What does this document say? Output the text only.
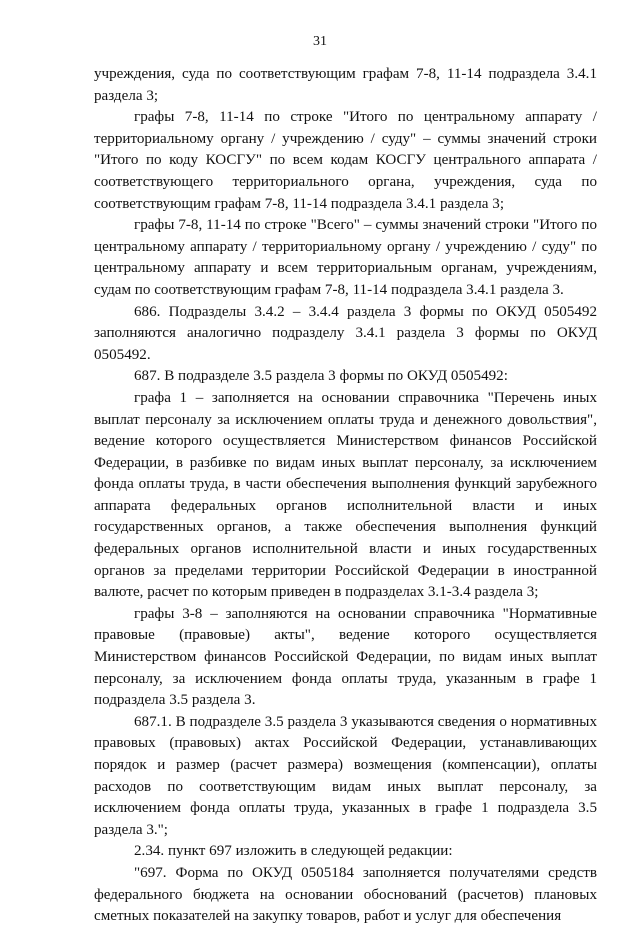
31

учреждения, суда по соответствующим графам 7-8, 11-14 подраздела 3.4.1 раздела 3;

графы 7-8, 11-14 по строке "Итого по центральному аппарату / территориальному органу / учреждению / суду" – суммы значений строки "Итого по коду КОСГУ" по всем кодам КОСГУ центрального аппарата / соответствующего территориального органа, учреждения, суда по соответствующим графам 7-8, 11-14 подраздела 3.4.1 раздела 3;

графы 7-8, 11-14 по строке "Всего" – суммы значений строки "Итого по центральному аппарату / территориальному органу / учреждению / суду" по центральному аппарату и всем территориальным органам, учреждениям, судам по соответствующим графам 7-8, 11-14 подраздела 3.4.1 раздела 3.

686. Подразделы 3.4.2 – 3.4.4 раздела 3 формы по ОКУД 0505492 заполняются аналогично подразделу 3.4.1 раздела 3 формы по ОКУД 0505492.

687. В подразделе 3.5 раздела 3 формы по ОКУД 0505492:

графа 1 – заполняется на основании справочника "Перечень иных выплат персоналу за исключением оплаты труда и денежного довольствия", ведение которого осуществляется Министерством финансов Российской Федерации, в разбивке по видам иных выплат персоналу, за исключением фонда оплаты труда, в части обеспечения выполнения функций зарубежного аппарата федеральных органов исполнительной власти и иных государственных органов, а также обеспечения выполнения функций федеральных органов исполнительной власти и иных государственных органов за пределами территории Российской Федерации в иностранной валюте, расчет по которым приведен в подразделах 3.1-3.4 раздела 3;

графы 3-8 – заполняются на основании справочника "Нормативные правовые (правовые) акты", ведение которого осуществляется Министерством финансов Российской Федерации, по видам иных выплат персоналу, за исключением фонда оплаты труда, указанным в графе 1 подраздела 3.5 раздела 3.

687.1. В подразделе 3.5 раздела 3 указываются сведения о нормативных правовых (правовых) актах Российской Федерации, устанавливающих порядок и размер (расчет размера) возмещения (компенсации), оплаты расходов по соответствующим видам иных выплат персоналу, за исключением фонда оплаты труда, указанных в графе 1 подраздела 3.5 раздела 3.";

2.34. пункт 697 изложить в следующей редакции:

"697. Форма по ОКУД 0505184 заполняется получателями средств федерального бюджета на основании обоснований (расчетов) плановых сметных показателей на закупку товаров, работ и услуг для обеспечения
